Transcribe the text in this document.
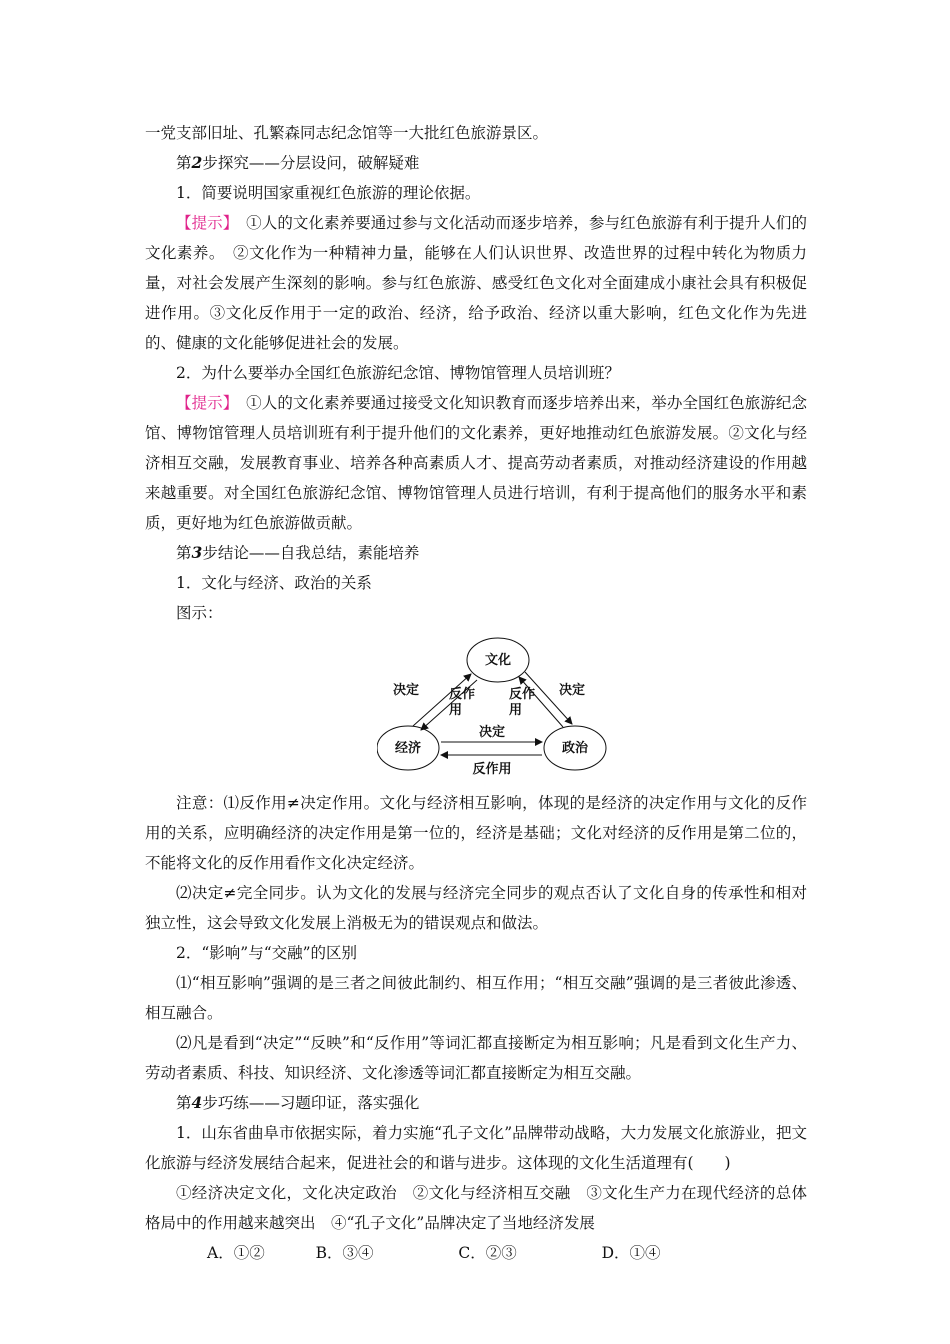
一党支部旧址、孔繁森同志纪念馆等一大批红色旅游景区。

第2步探究——分层设问，破解疑难

1．简要说明国家重视红色旅游的理论依据。

【提示】　①人的文化素养要通过参与文化活动而逐步培养，参与红色旅游有利于提升人们的文化素养。　②文化作为一种精神力量，能够在人们认识世界、改造世界的过程中转化为物质力量，对社会发展产生深刻的影响。参与红色旅游、感受红色文化对全面建成小康社会具有积极促进作用。③文化反作用于一定的政治、经济，给予政治、经济以重大影响，红色文化作为先进的、健康的文化能够促进社会的发展。

2．为什么要举办全国红色旅游纪念馆、博物馆管理人员培训班？

【提示】　①人的文化素养要通过接受文化知识教育而逐步培养出来，举办全国红色旅游纪念馆、博物馆管理人员培训班有利于提升他们的文化素养，更好地推动红色旅游发展。②文化与经济相互交融，发展教育事业、培养各种高素质人才、提高劳动者素质，对推动经济建设的作用越来越重要。对全国红色旅游纪念馆、博物馆管理人员进行培训，有利于提高他们的服务水平和素质，更好地为红色旅游做贡献。

第3步结论——自我总结，素能培养

1．文化与经济、政治的关系

图示：

文化
经济	政治
决定 反作
用
反作
用
决定
决定
反作用

注意：⑴反作用≠决定作用。文化与经济相互影响，体现的是经济的决定作用与文化的反作用的关系，应明确经济的决定作用是第一位的，经济是基础；文化对经济的反作用是第二位的，不能将文化的反作用看作文化决定经济。

⑵决定≠完全同步。认为文化的发展与经济完全同步的观点否认了文化自身的传承性和相对独立性，这会导致文化发展上消极无为的错误观点和做法。

2．“影响”与“交融”的区别

⑴“相互影响”强调的是三者之间彼此制约、相互作用；“相互交融”强调的是三者彼此渗透、相互融合。

⑵凡是看到“决定”“反映”和“反作用”等词汇都直接断定为相互影响；凡是看到文化生产力、劳动者素质、科技、知识经济、文化渗透等词汇都直接断定为相互交融。

第4步巧练——习题印证，落实强化

1．山东省曲阜市依据实际，着力实施“孔子文化”品牌带动战略，大力发展文化旅游业，把文化旅游与经济发展结合起来，促进社会的和谐与进步。这体现的文化生活道理有(　　)

①经济决定文化，文化决定政治　②文化与经济相互交融　③文化生产力在现代经济的总体格局中的作用越来越突出　④“孔子文化”品牌决定了当地经济发展

A．①②	B．③④	C．②③	D．①④
